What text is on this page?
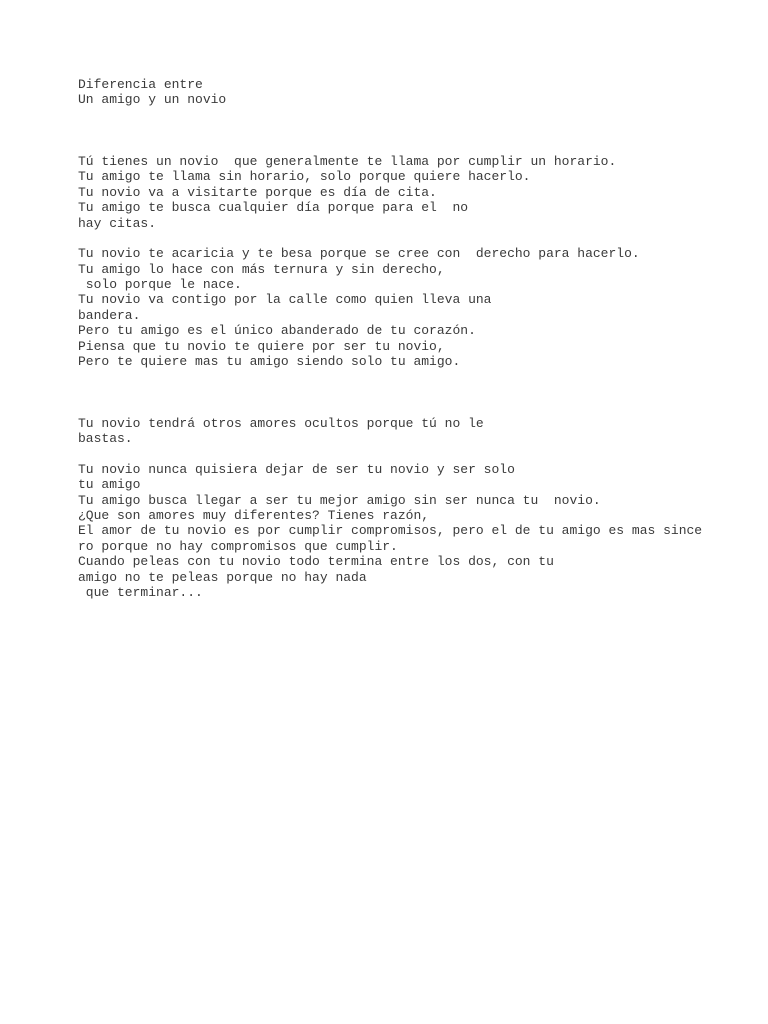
Diferencia entre
Un amigo y un novio
Tú tienes un novio  que generalmente te llama por cumplir un horario.
Tu amigo te llama sin horario, solo porque quiere hacerlo.
Tu novio va a visitarte porque es día de cita.
Tu amigo te busca cualquier día porque para el  no
hay citas.
Tu novio te acaricia y te besa porque se cree con  derecho para hacerlo.
Tu amigo lo hace con más ternura y sin derecho,
solo porque le nace.
Tu novio va contigo por la calle como quien lleva una
bandera.
Pero tu amigo es el único abanderado de tu corazón.
Piensa que tu novio te quiere por ser tu novio,
Pero te quiere mas tu amigo siendo solo tu amigo.
Tu novio tendrá otros amores ocultos porque tú no le
bastas.
Tu novio nunca quisiera dejar de ser tu novio y ser solo
tu amigo
Tu amigo busca llegar a ser tu mejor amigo sin ser nunca tu  novio.
¿Que son amores muy diferentes? Tienes razón,
El amor de tu novio es por cumplir compromisos, pero el de tu amigo es mas since
ro porque no hay compromisos que cumplir.
Cuando peleas con tu novio todo termina entre los dos, con tu
amigo no te peleas porque no hay nada
que terminar...
